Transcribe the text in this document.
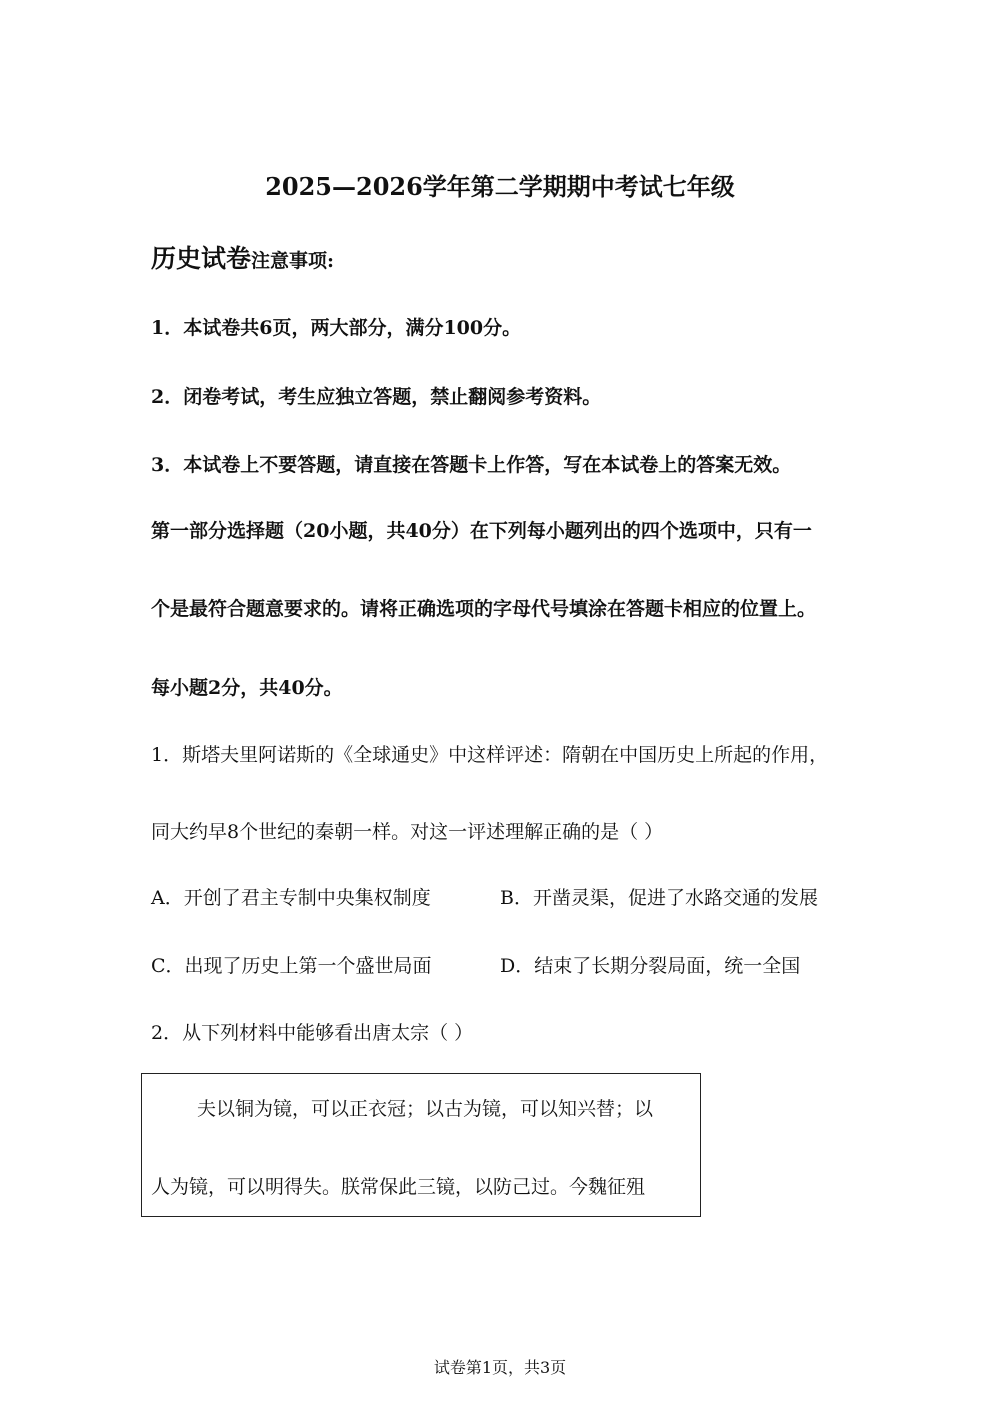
2025—2026学年第二学期期中考试七年级
历史试卷注意事项:
1．本试卷共6页，两大部分，满分100分。
2．闭卷考试，考生应独立答题，禁止翻阅参考资料。
3．本试卷上不要答题，请直接在答题卡上作答，写在本试卷上的答案无效。
第一部分选择题（20小题，共40分）在下列每小题列出的四个选项中，只有一
个是最符合题意要求的。请将正确选项的字母代号填涂在答题卡相应的位置上。
每小题2分，共40分。
1．斯塔夫里阿诺斯的《全球通史》中这样评述：隋朝在中国历史上所起的作用，
同大约早8个世纪的秦朝一样。对这一评述理解正确的是（ ）
A．开创了君主专制中央集权制度	B．开凿灵渠，促进了水路交通的发展
C．出现了历史上第一个盛世局面	D．结束了长期分裂局面，统一全国
2．从下列材料中能够看出唐太宗（ ）
夫以铜为镜，可以正衣冠；以古为镜，可以知兴替；以
人为镜，可以明得失。朕常保此三镜，以防己过。今魏征殂
试卷第1页，共3页
